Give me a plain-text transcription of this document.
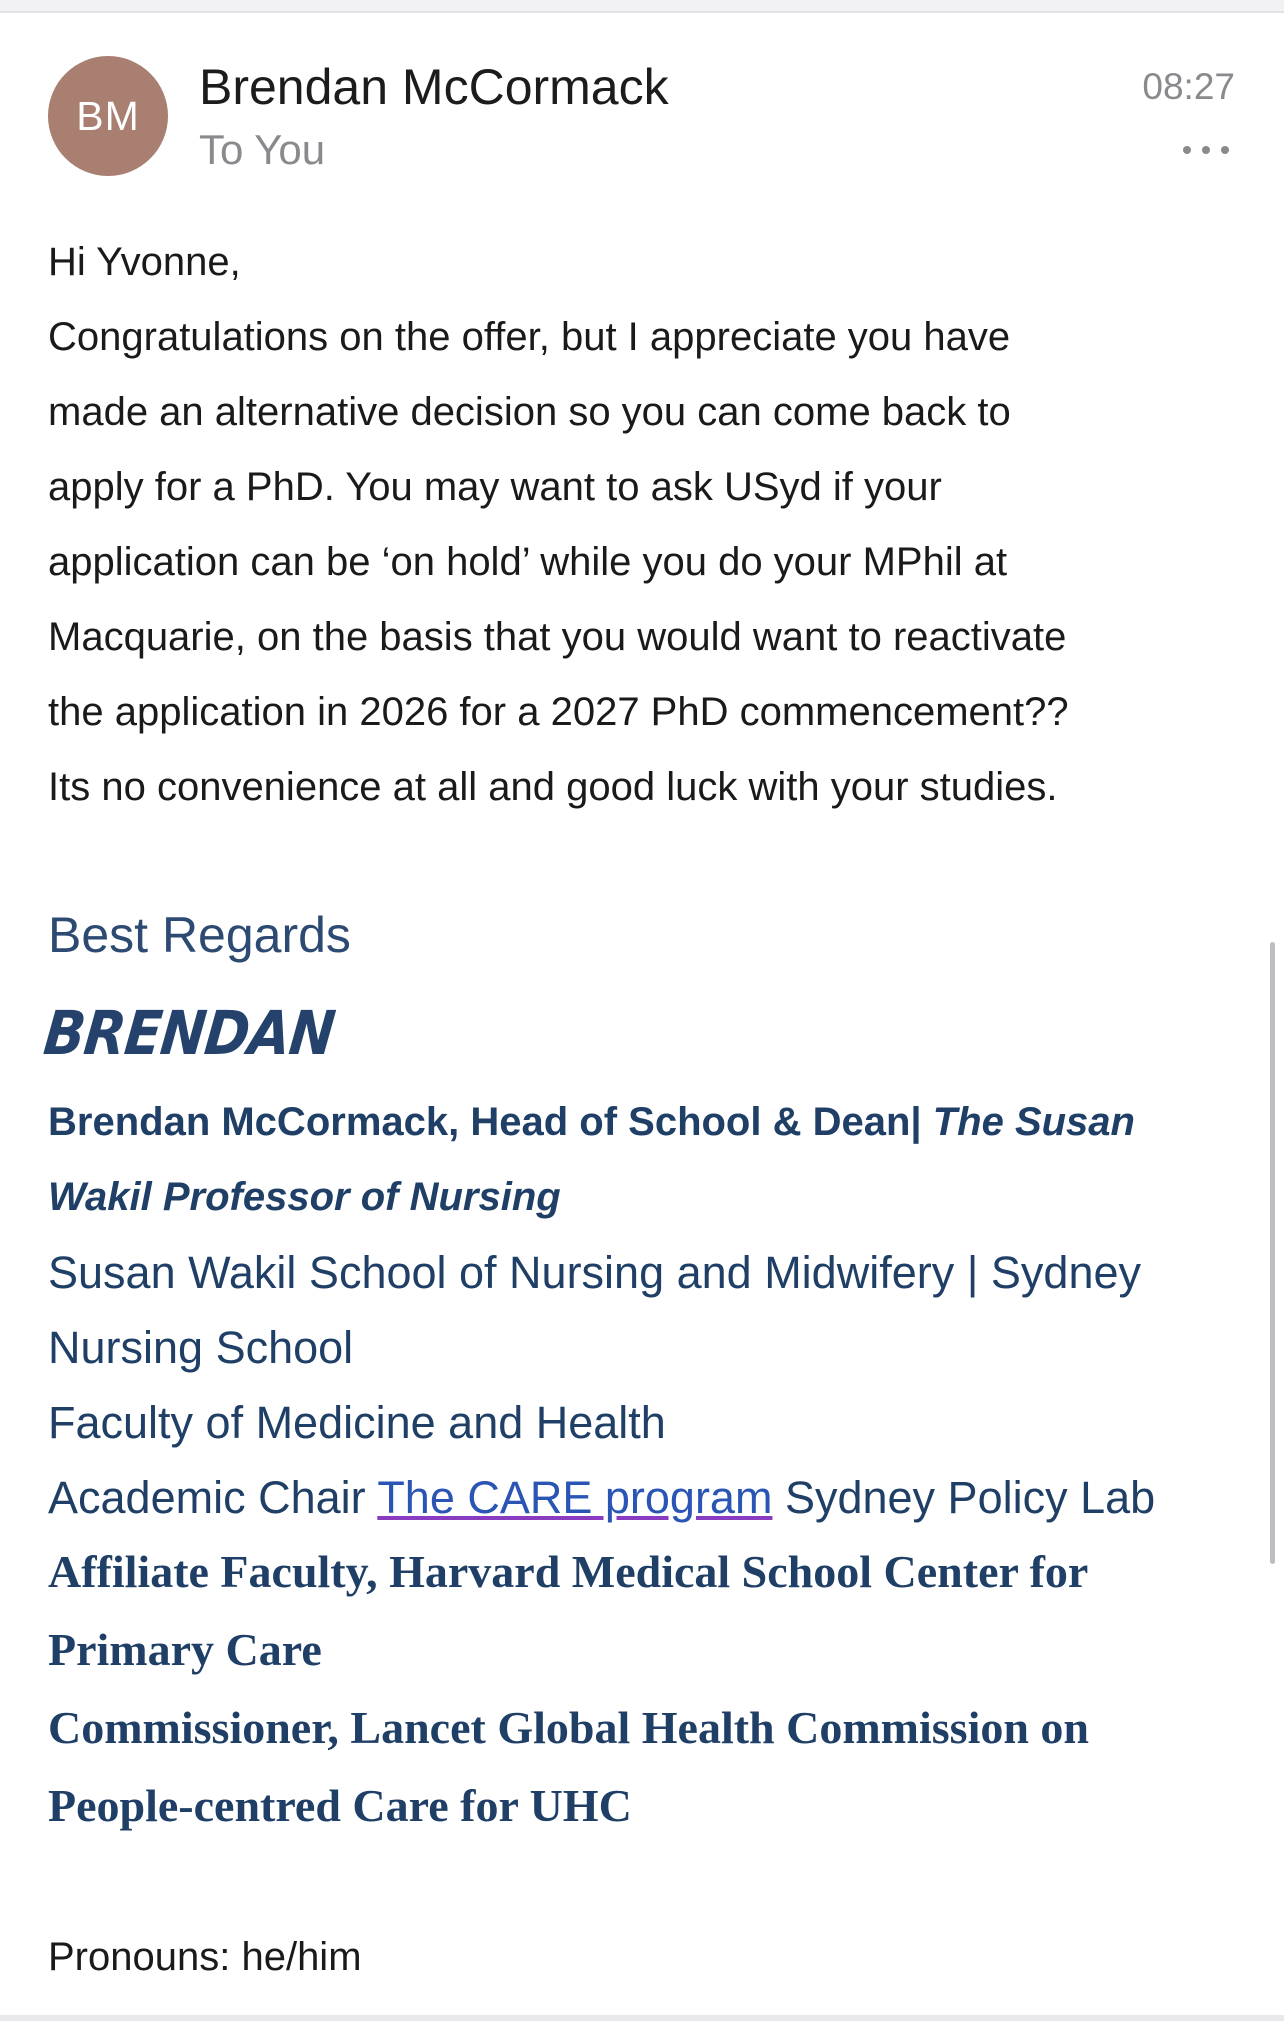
BM
Brendan McCormack
To You
08:27

Hi Yvonne,

Congratulations on the offer, but I appreciate you have

made an alternative decision so you can come back to

apply for a PhD. You may want to ask USyd if your

application can be ‘on hold’ while you do your MPhil at

Macquarie, on the basis that you would want to reactivate

the application in 2026 for a 2027 PhD commencement??

Its no convenience at all and good luck with your studies.

Best Regards
BRENDAN
Brendan McCormack, Head of School & Dean| The Susan
Wakil Professor of Nursing
Susan Wakil School of Nursing and Midwifery | Sydney
Nursing School
Faculty of Medicine and Health
Academic Chair The CARE program Sydney Policy Lab
Affiliate Faculty, Harvard Medical School Center for
Primary Care
Commissioner, Lancet Global Health Commission on
People-centred Care for UHC
Pronouns: he/him
